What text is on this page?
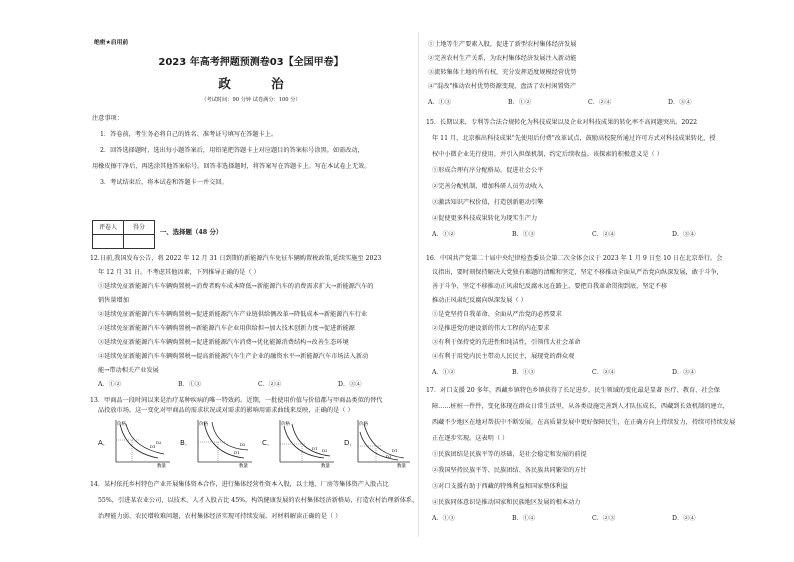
绝密★启用前
2023 年高考押题预测卷03【全国甲卷】
政 治
（考试时间：90 分钟 试卷满分：100 分）
注意事项：
1．答卷前，考生务必将自己的姓名、准考证号填写在答题卡上。
2．回答选择题时，选出每小题答案后，用铅笔把答题卡上对应题目的答案标号涂黑。如需改动，
用橡皮擦干净后，再选涂其他答案标号。回答非选择题时，将答案写在答题卡上。写在本试卷上无效。
3．考试结束后，将本试卷和答题卡一并交回。
评卷人	得分

一、选择题（48 分）
12.日前,我国发布公告，将 2022 年 12 月 31 日到期的新能源汽车免征车辆购置税政策,延续实施至 2023
年 12 月 31 日。不考虑其他因素，下列推导正确的是（ ）
①延续免征新能源汽车车辆购置税→消费者购车成本降低→新能源汽车的消费需求扩大→新能源汽车的
销售量增加
②延续免征新能源汽车车辆购置税→促进新能源汽车产业链供给侧改革→降低成本→新能源汽车行业
②延续免征新能源汽车车辆购置税→新能源汽车企业用供给担→加大技术创新力度→促进新能源
③延续免征新能源汽车车辆购置税→促进新能源汽车消费→优化能源消费结构→改善生态环境
④延续免征新能源汽车车辆购置税→提高新能源汽车生产企业的融资水平→新能源汽车市场法入新动
能→带动相关产业发展
A．①②	B．①③	C．②④	D．③④
13．甲商品一段时间以来是治疗某种疾病的唯一特效药。近期，一批使用价值与价值都与甲商品类似的替代
品投放市场。这一变化对甲商品的需求状况或对需求的影响用需求曲线来反映，正确的是（ ）
A．
价格
数量
D1
D2	B．
价格
数量
D1
D2 C．
价格
数量
D1 D2
D．
价格
数量
D1
D2
14．某村依托乡村特色产业开展集体资本合作，进行集体经营性资本入股，以土地、厂房等集体资产入股占比
55%，引进某农业公司，以技术、人才入股占比 45%，构筑健康发展的农村集体经济新格局，打造农村治理新体系，
治理能力弱、农民增收难问题，农村集体经济实现可持续发展。对材料解读正确的是（ ）
①土地等生产要素入股，促进了新型农村集体经济发展
②完善农村生产关系，为农村集体经济发展注入新动能
③流转集体土地的所有权，充分发挥适度规模经营优势
④"混改"推动农村优势资源变现，盘活了农村闲置资产
A．①③	B．①②	C．②④	D．③④
15．长期以来，专利等合法合规转化为科技成果以及企业对科技成果的转化率不高问题突出。2022
年 11 月，北京推出科技成果"先使用后付费"改革试点，鼓励高校院所通过许可方式对科技成果转化，授
权中小微企业先行使用，并引入担保机制，约定后续收益。该探索的积极意义是（ ）
①形成合理有序分配格局，促进社会公平
②完善分配机制，增加科研人员劳动收入
③激活知识产权价值，打造创新驱动引擎
④促使更多科技成果转化为现实生产力
A．①②	B．①③	C．②④	D．③④
16．中国共产党第二十届中央纪律检查委员会第二次全体会议于 2023 年 1 月 9 日至 10 日在北京举行。会
议指出，要时刻保持解决大党独有难题的清醒和坚定，坚定不移推动全面从严治党向纵深发展，敢于斗争，
善于斗争，坚定不移推动正风肃纪反腐永远在路上，要把自我革命贯彻到底，坚定不移
推动正风肃纪反腐向纵深发展（ ）
①是党坚持自我革命、全面从严治党的必然要求
②是推进党的建设新的伟大工程的内在要求
③有利于保持党的先进性和纯洁性，引领伟大社会革命
④有利于用党内民主带动人民民主，展现党的群众观
A．①②	B．①③	C．②④	D．③④
17．对口支援 20 多年，西藏乡镇特色乡镇获得了长足进步，民生领域的变化最是显著 医疗、教育、社会保
障……桩桩一件件，变化体现在群众日常生活里，从各类设施完善到人才队伍成长，西藏到长效机制的建立，
西藏不少地区在地对帮扶中不断发展，在高质量发展中更好保障民生，在正确方向上持续发力，持续可持续发展
正在逐步实现。这表明（ ）
①民族团结是民族平等的基础，是社会稳定和发展的前提
②我国坚持民族平等、民族团结、各民族共同繁荣的方针
③对口支援有助于西藏的特殊利益和国家整体利益
④民族同体意识是推动国家和民族地区发展的根本动力
A．①③	B．①④	C．②③	D．②④
